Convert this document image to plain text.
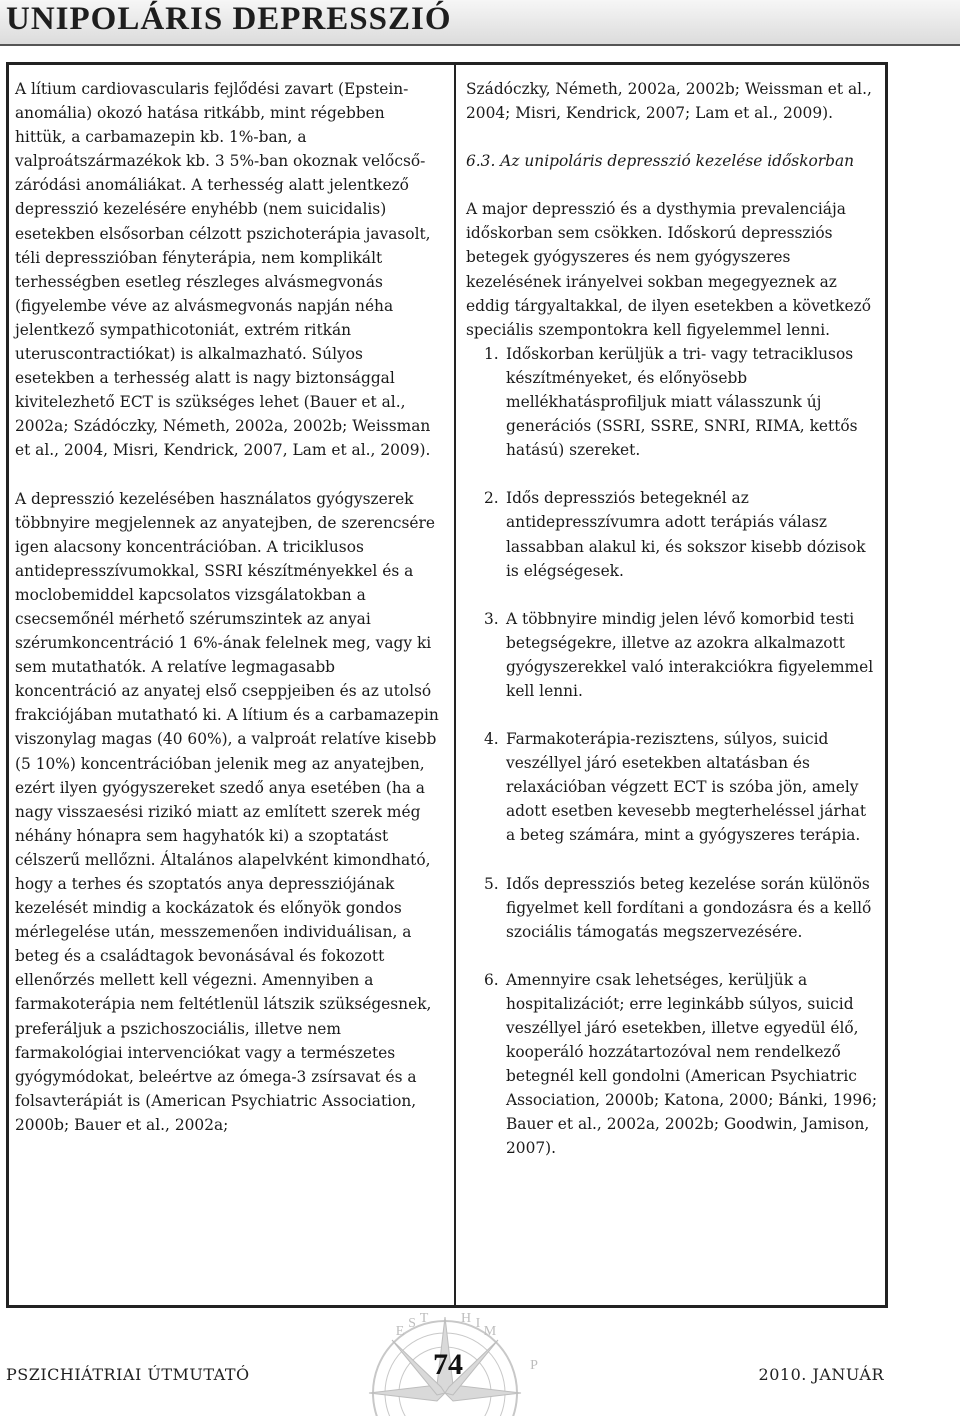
UNIPOLÁRIS DEPRESSZIÓ

A lítium cardiovascularis fejlődési zavart (Epstein-anomália) okozó hatása ritkább, mint régebben hittük, a carbamazepin kb. 1%-ban, a valproátszármazékok kb. 3 5%-ban okoznak velőcső-záródási anomáliákat. A terhesség alatt jelentkező depresszió kezelésére enyhébb (nem suicidalis) esetekben elsősorban célzott pszichoterápia javasolt, téli depresszióban fényterápia, nem komplikált terhességben esetleg részleges alvásmegvonás (figyelembe véve az alvásmegvonás napján néha jelentkező sympathicotoniát, extrém ritkán uteruscontractiókat) is alkalmazható. Súlyos esetekben a terhesség alatt is nagy biztonsággal kivitelezhető ECT is szükséges lehet (Bauer et al., 2002a; Szádóczky, Németh, 2002a, 2002b; Weissman et al., 2004, Misri, Kendrick, 2007, Lam et al., 2009).

A depresszió kezelésében használatos gyógyszerek többnyire megjelennek az anyatejben, de szerencsére igen alacsony koncentrációban. A triciklusos antidepresszívumokkal, SSRI készítményekkel és a moclobemiddel kapcsolatos vizsgálatokban a csecsemőnél mérhető szérumszintek az anyai szérumkoncentráció 1 6%-ának felelnek meg, vagy ki sem mutathatók. A relatíve legmagasabb koncentráció az anyatej első cseppjeiben és az utolsó frakciójában mutatható ki. A lítium és a carbamazepin viszonylag magas (40 60%), a valproát relatíve kisebb (5 10%) koncentrációban jelenik meg az anyatejben, ezért ilyen gyógyszereket szedő anya esetében (ha a nagy visszaesési rizikó miatt az említett szerek még néhány hónapra sem hagyhatók ki) a szoptatást célszerű mellőzni. Általános alapelvként kimondható, hogy a terhes és szoptatós anya depressziójának kezelését mindig a kockázatok és előnyök gondos mérlegelése után, messzemenően individuálisan, a beteg és a családtagok bevonásával és fokozott ellenőrzés mellett kell végezni. Amennyiben a farmakoterápia nem feltétlenül látszik szükségesnek, preferáljuk a pszichoszociális, illetve nem farmakológiai intervenciókat vagy a természetes gyógymódokat, beleértve az ómega-3 zsírsavat és a folsavterápiát is (American Psychiatric Association, 2000b; Bauer et al., 2002a;

Szádóczky, Németh, 2002a, 2002b; Weissman et al., 2004; Misri, Kendrick, 2007; Lam et al., 2009).

6.3. Az unipoláris depresszió kezelése időskorban

A major depresszió és a dysthymia prevalenciája időskorban sem csökken. Időskorú depressziós betegek gyógyszeres és nem gyógyszeres kezelésének irányelvei sokban megegyeznek az eddig tárgyaltakkal, de ilyen esetekben a következő speciális szempontokra kell figyelemmel lenni.

1. Időskorban kerüljük a tri- vagy tetraciklusos készítményeket, és előnyösebb mellékhatásprofiljuk miatt válasszunk új generációs (SSRI, SSRE, SNRI, RIMA, kettős hatású) szereket.
2. Idős depressziós betegeknél az antidepresszívumra adott terápiás válasz lassabban alakul ki, és sokszor kisebb dózisok is elégségesek.
3. A többnyire mindig jelen lévő komorbid testi betegségekre, illetve az azokra alkalmazott gyógyszerekkel való interakciókra figyelemmel kell lenni.
4. Farmakoterápia-rezisztens, súlyos, suicid veszéllyel járó esetekben altatásban és relaxációban végzett ECT is szóba jön, amely adott esetben kevesebb megterheléssel járhat a beteg számára, mint a gyógyszeres terápia.
5. Idős depressziós beteg kezelése során különös figyelmet kell fordítani a gondozásra és a kellő szociális támogatás megszervezésére.
6. Amennyire csak lehetséges, kerüljük a hospitalizációt; erre leginkább súlyos, suicid veszéllyel járó esetekben, illetve egyedül élő, kooperáló hozzátartozóval nem rendelkező betegnél kell gondolni (American Psychiatric Association, 2000b; Katona, 2000; Bánki, 1996; Bauer et al., 2002a, 2002b; Goodwin, Jamison, 2007).
PSZICHIÁTRIAI ÚTMUTATÓ
E
S T H I
M
P
74	2010. JANUÁR
